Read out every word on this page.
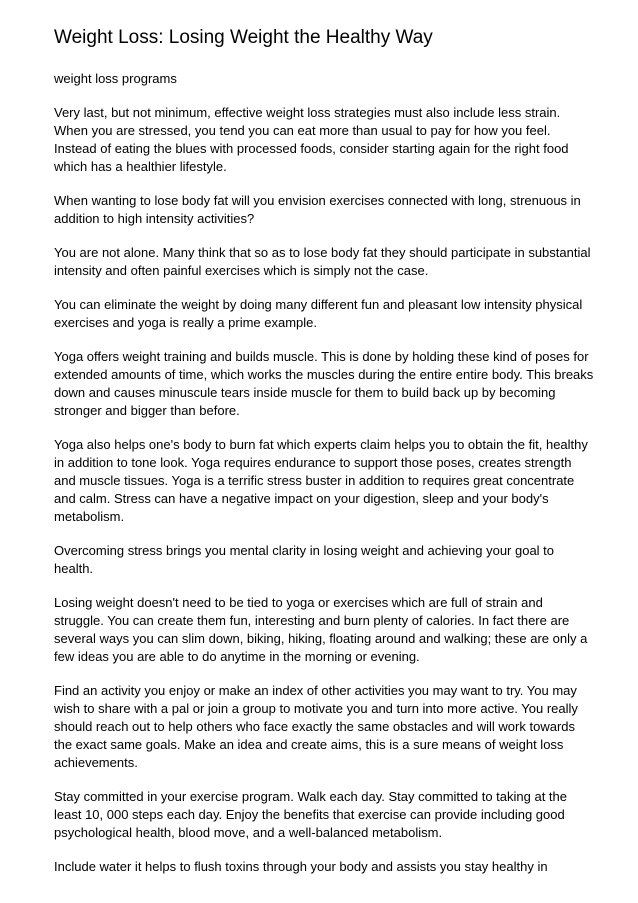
Weight Loss: Losing Weight the Healthy Way

weight loss programs

Very last, but not minimum, effective weight loss strategies must also include less strain. When you are stressed, you tend you can eat more than usual to pay for how you feel. Instead of eating the blues with processed foods, consider starting again for the right food which has a healthier lifestyle.

When wanting to lose body fat will you envision exercises connected with long, strenuous in addition to high intensity activities?

You are not alone. Many think that so as to lose body fat they should participate in substantial intensity and often painful exercises which is simply not the case.

You can eliminate the weight by doing many different fun and pleasant low intensity physical exercises and yoga is really a prime example.

Yoga offers weight training and builds muscle. This is done by holding these kind of poses for extended amounts of time, which works the muscles during the entire entire body. This breaks down and causes minuscule tears inside muscle for them to build back up by becoming stronger and bigger than before.

Yoga also helps one's body to burn fat which experts claim helps you to obtain the fit, healthy in addition to tone look. Yoga requires endurance to support those poses, creates strength and muscle tissues. Yoga is a terrific stress buster in addition to requires great concentrate and calm. Stress can have a negative impact on your digestion, sleep and your body's metabolism.

Overcoming stress brings you mental clarity in losing weight and achieving your goal to health.

Losing weight doesn't need to be tied to yoga or exercises which are full of strain and struggle. You can create them fun, interesting and burn plenty of calories. In fact there are several ways you can slim down, biking, hiking, floating around and walking; these are only a few ideas you are able to do anytime in the morning or evening.

Find an activity you enjoy or make an index of other activities you may want to try. You may wish to share with a pal or join a group to motivate you and turn into more active. You really should reach out to help others who face exactly the same obstacles and will work towards the exact same goals. Make an idea and create aims, this is a sure means of weight loss achievements.

Stay committed in your exercise program. Walk each day. Stay committed to taking at the least 10, 000 steps each day. Enjoy the benefits that exercise can provide including good psychological health, blood move, and a well-balanced metabolism.

Include water it helps to flush toxins through your body and assists you stay healthy in
